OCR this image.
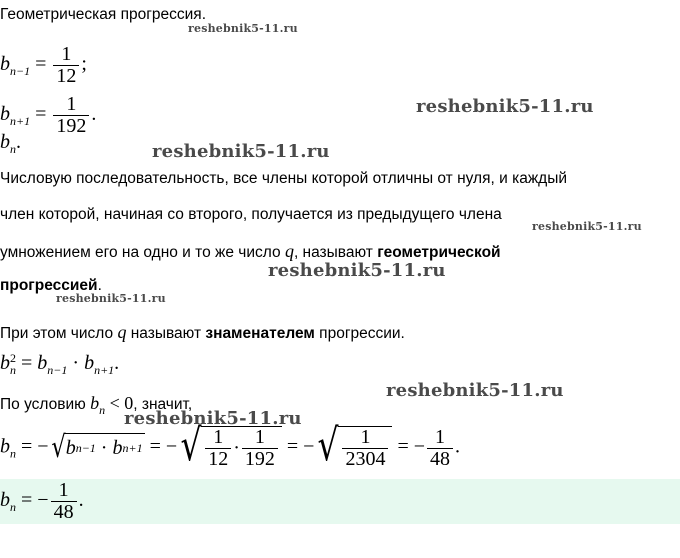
Геометрическая прогрессия.
$b_{n-1} = \frac{1}{12}$ ;
$b_{n+1} = \frac{1}{192}$ .
$b_n$.
Числовую последовательность, все члены которой отличны от нуля, и каждый
член которой, начиная со второго, получается из предыдущего члена
умножением его на одно и то же число q, называют геометрической
прогрессией.
При этом число q называют знаменателем прогрессии.
b 2
$n = b_{n-1} \cdot b_{n+1}$.
По условию $b_n < 0$, значит,
$b_n$ = − √ b n−1 · b n+1 = − √ $\frac{1}{12} \cdot \frac{1}{192}$ = − √ $\frac{1}{2304}$ = − $\frac{1}{48}$ .
$b_n$ = − $\frac{1}{48}$ .
reshebnik5-11.ru
reshebnik5-11.ru
reshebnik5-11.ru
reshebnik5-11.ru
reshebnik5-11.ru
reshebnik5-11.ru
reshebnik5-11.ru
reshebnik5-11.ru
